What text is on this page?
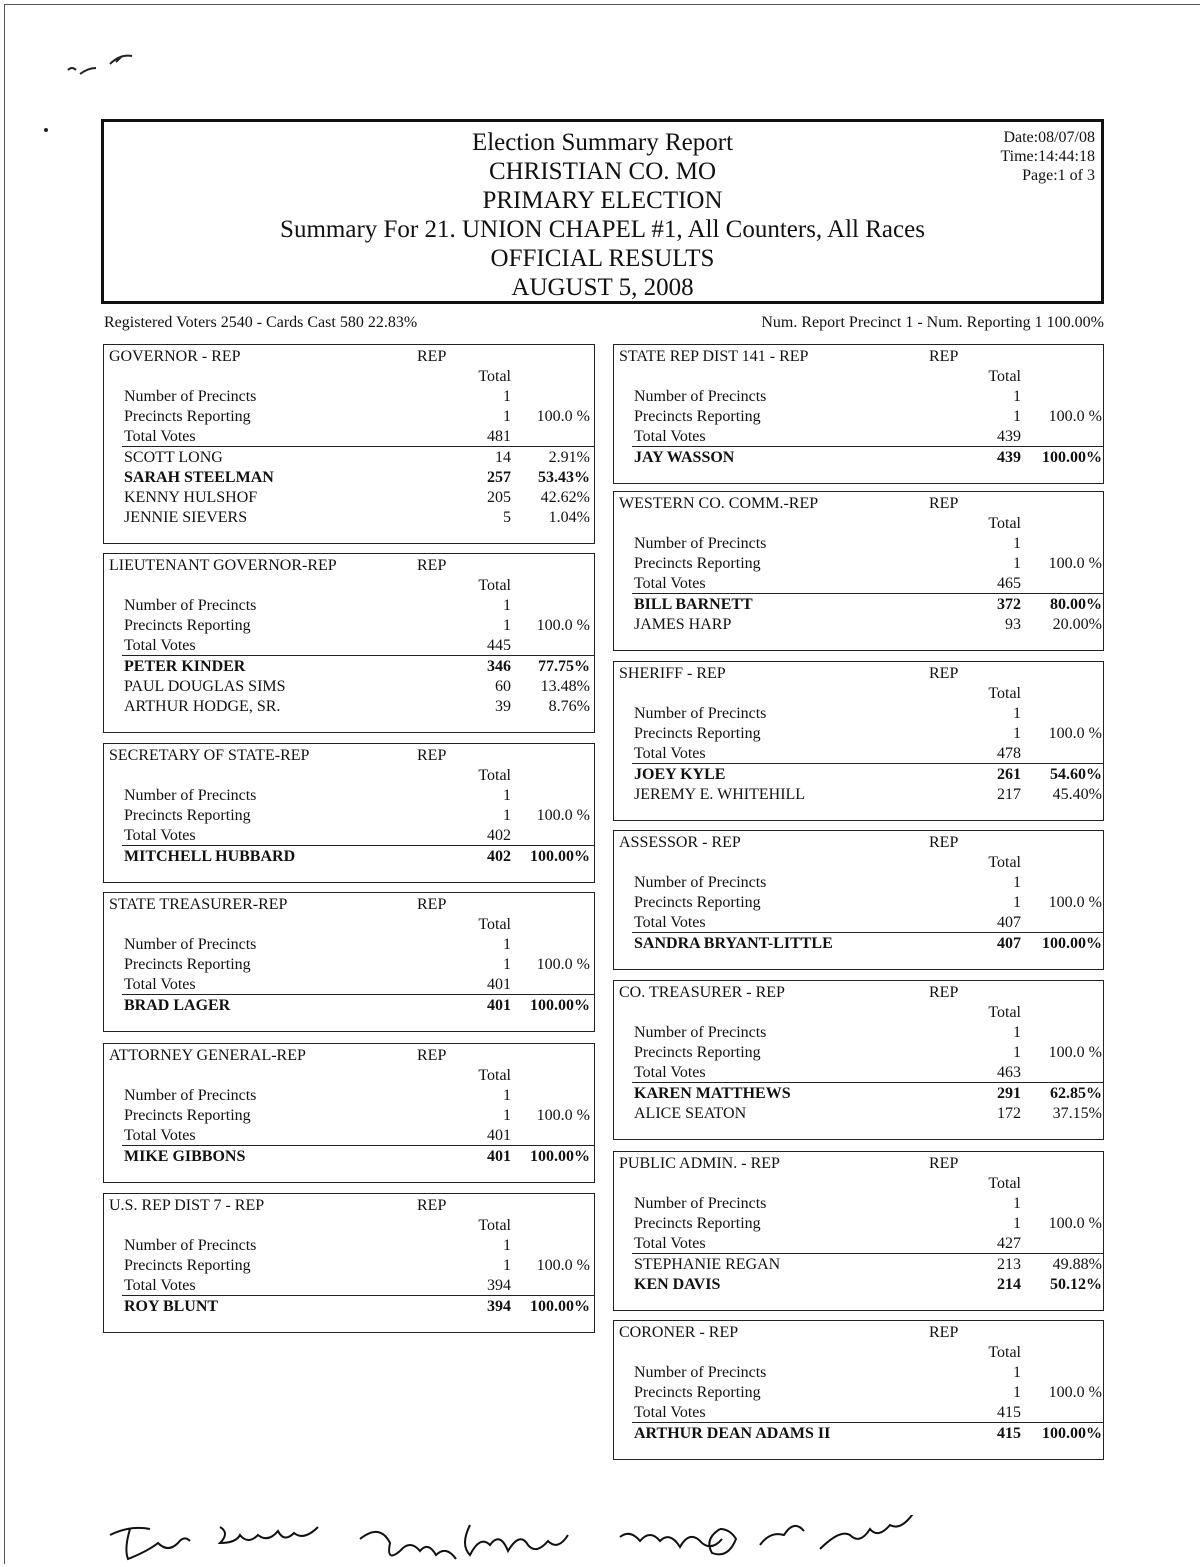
Election Summary Report
CHRISTIAN CO. MO
PRIMARY ELECTION
Summary For 21. UNION CHAPEL #1, All Counters, All Races
OFFICIAL RESULTS
AUGUST 5, 2008
Date:08/07/08
Time:14:44:18
Page:1 of 3
Registered Voters 2540 - Cards Cast 580 22.83%	Num. Report Precinct 1 - Num. Reporting 1 100.00%
GOVERNOR - REP	REP
Total
Number of Precincts	1
Precincts Reporting	1	100.0 %
Total Votes	481
SCOTT LONG	14	2.91%
SARAH STEELMAN	257	53.43%
KENNY HULSHOF	205	42.62%
JENNIE SIEVERS	5	1.04%
LIEUTENANT GOVERNOR-REP	REP
Total
Number of Precincts	1
Precincts Reporting	1	100.0 %
Total Votes	445
PETER KINDER	346	77.75%
PAUL DOUGLAS SIMS	60	13.48%
ARTHUR HODGE, SR.	39	8.76%
SECRETARY OF STATE-REP	REP
Total
Number of Precincts	1
Precincts Reporting	1	100.0 %
Total Votes	402
MITCHELL HUBBARD	402	100.00%
STATE TREASURER-REP	REP
Total
Number of Precincts	1
Precincts Reporting	1	100.0 %
Total Votes	401
BRAD LAGER	401	100.00%
ATTORNEY GENERAL-REP	REP
Total
Number of Precincts	1
Precincts Reporting	1	100.0 %
Total Votes	401
MIKE GIBBONS	401	100.00%
U.S. REP DIST 7 - REP	REP
Total
Number of Precincts	1
Precincts Reporting	1	100.0 %
Total Votes	394
ROY BLUNT	394	100.00%
STATE REP DIST 141 - REP	REP
Total
Number of Precincts	1
Precincts Reporting	1	100.0 %
Total Votes	439
JAY WASSON	439	100.00%
WESTERN CO. COMM.-REP	REP
Total
Number of Precincts	1
Precincts Reporting	1	100.0 %
Total Votes	465
BILL BARNETT	372	80.00%
JAMES HARP	93	20.00%
SHERIFF - REP	REP
Total
Number of Precincts	1
Precincts Reporting	1	100.0 %
Total Votes	478
JOEY KYLE	261	54.60%
JEREMY E. WHITEHILL	217	45.40%
ASSESSOR - REP	REP
Total
Number of Precincts	1
Precincts Reporting	1	100.0 %
Total Votes	407
SANDRA BRYANT-LITTLE	407	100.00%
CO. TREASURER - REP	REP
Total
Number of Precincts	1
Precincts Reporting	1	100.0 %
Total Votes	463
KAREN MATTHEWS	291	62.85%
ALICE SEATON	172	37.15%
PUBLIC ADMIN. - REP	REP
Total
Number of Precincts	1
Precincts Reporting	1	100.0 %
Total Votes	427
STEPHANIE REGAN	213	49.88%
KEN DAVIS	214	50.12%
CORONER - REP	REP
Total
Number of Precincts	1
Precincts Reporting	1	100.0 %
Total Votes	415
ARTHUR DEAN ADAMS II	415	100.00%
